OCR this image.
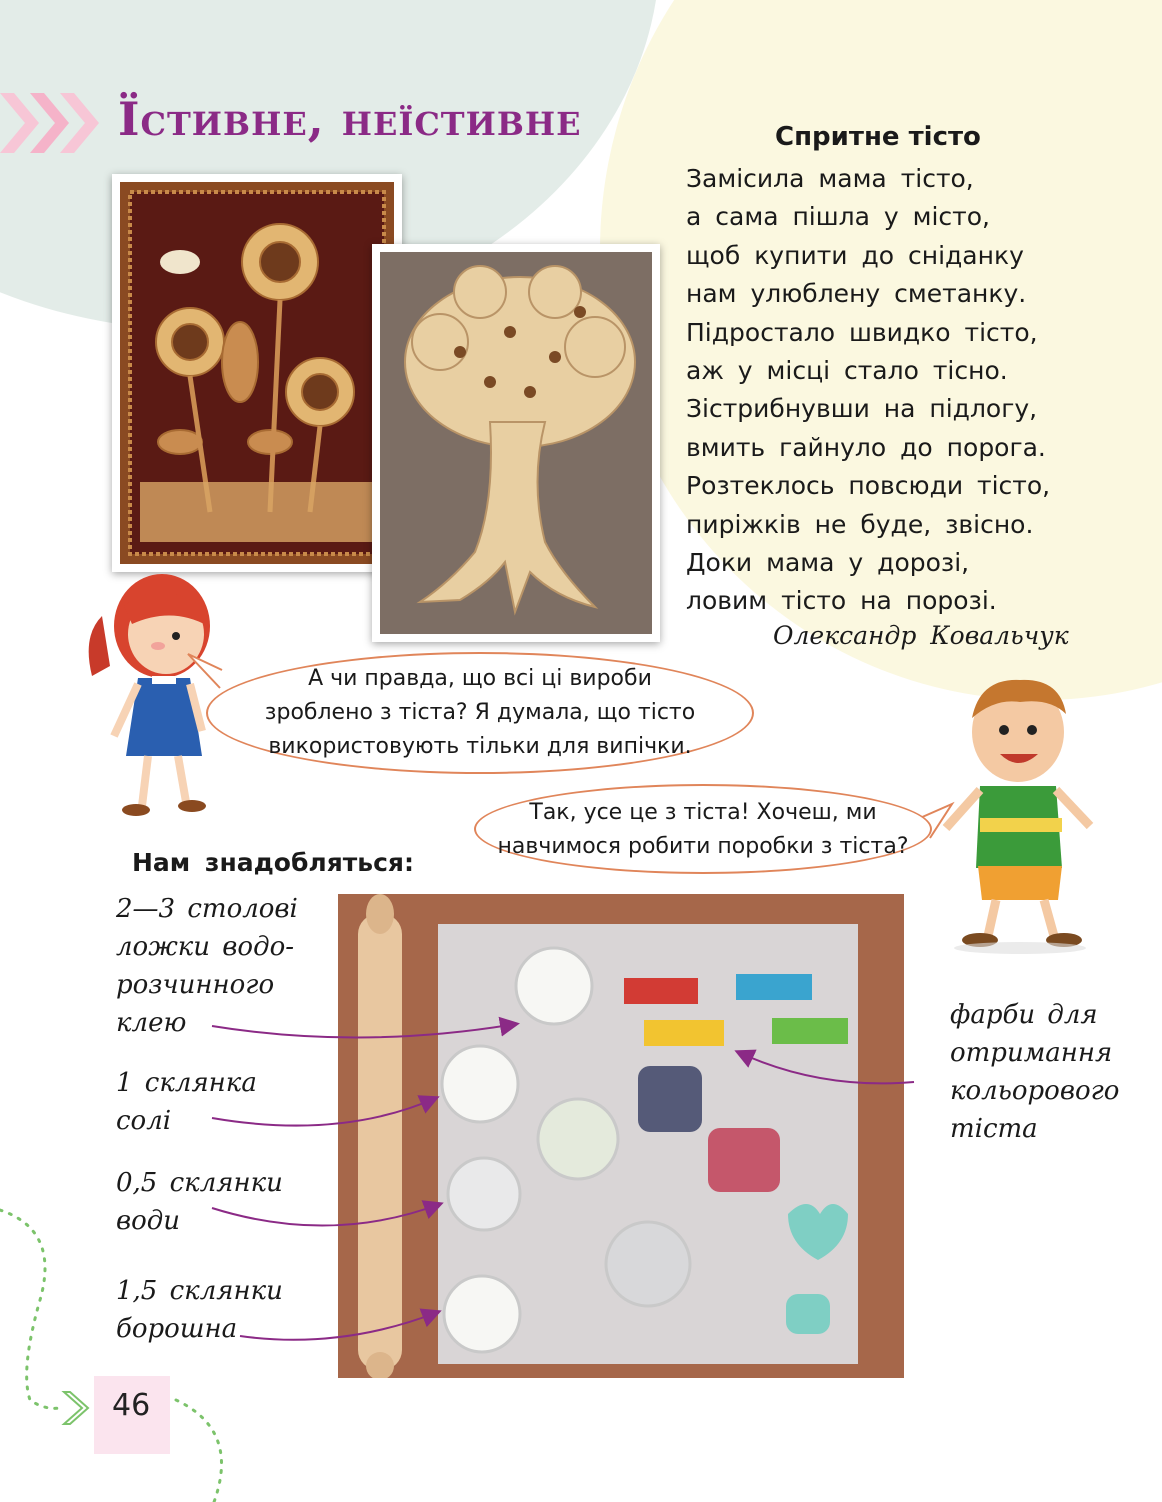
Їстивне, неїстивне	Спритне тісто
Замісила мама тісто,
а сама пішла у місто,
щоб купити до сніданку
нам улюблену сметанку.
Підростало швидко тісто,
аж у місці стало тісно.
Зістрибнувши на підлогу,
вмить гайнуло до порога.
Розтеклось повсюди тісто,
пиріжків не буде, звісно.
Доки мама у дорозі,
ловим тісто на порозі.
Олександр Ковальчук
А чи правда, що всі ці вироби
зроблено з тіста? Я думала, що тісто
використовують тільки для випічки.
Так, усе це з тіста! Хочеш, ми
навчимося робити поробки з тіста?
Нам знадобляться:
2—3 столові
ложки водо-
розчинного
клею
1 склянка
солі
0,5 склянки
води
1,5 склянки
борошна
фарби для
отримання
кольорового
тіста
46
